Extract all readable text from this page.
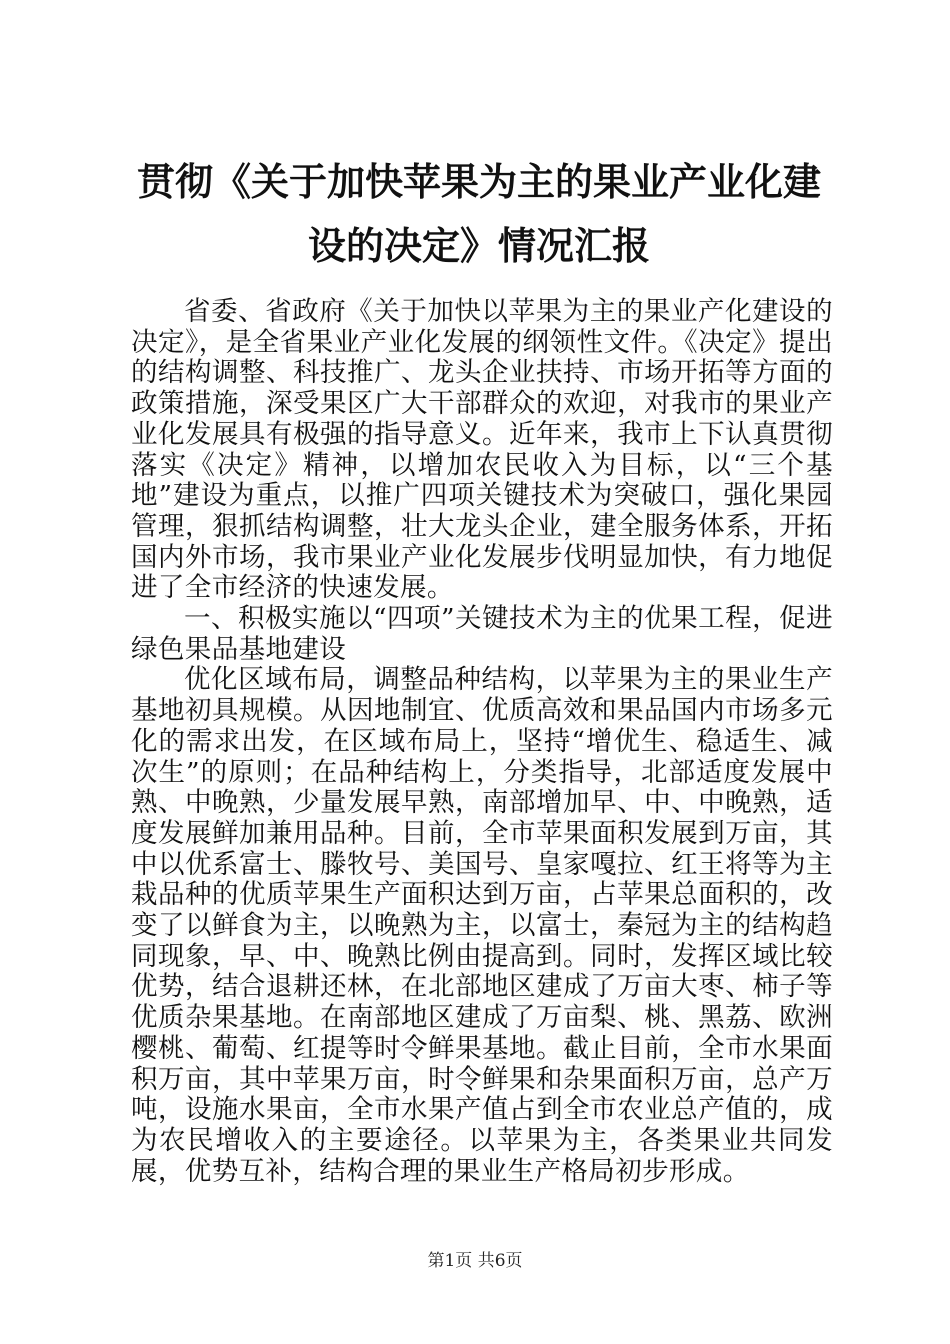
贯彻《关于加快苹果为主的果业产业化建设的决定》情况汇报

省委、省政府《关于加快以苹果为主的果业产化建设的决定》，是全省果业产业化发展的纲领性文件。《决定》提出的结构调整、科技推广、龙头企业扶持、市场开拓等方面的政策措施，深受果区广大干部群众的欢迎，对我市的果业产业化发展具有极强的指导意义。近年来，我市上下认真贯彻落实《决定》精神，以增加农民收入为目标，以“三个基地”建设为重点，以推广四项关键技术为突破口，强化果园管理，狠抓结构调整，壮大龙头企业，建全服务体系，开拓国内外市场，我市果业产业化发展步伐明显加快，有力地促进了全市经济的快速发展。

一、积极实施以“四项”关键技术为主的优果工程，促进绿色果品基地建设

优化区域布局，调整品种结构，以苹果为主的果业生产基地初具规模。从因地制宜、优质高效和果品国内市场多元化的需求出发，在区域布局上，坚持“增优生、稳适生、减次生”的原则；在品种结构上，分类指导，北部适度发展中熟、中晚熟，少量发展早熟，南部增加早、中、中晚熟，适度发展鲜加兼用品种。目前，全市苹果面积发展到万亩，其中以优系富士、滕牧号、美国号、皇家嘎拉、红王将等为主栽品种的优质苹果生产面积达到万亩，占苹果总面积的，改变了以鲜食为主，以晚熟为主，以富士，秦冠为主的结构趋同现象，早、中、晚熟比例由提高到。同时，发挥区域比较优势，结合退耕还林，在北部地区建成了万亩大枣、柿子等优质杂果基地。在南部地区建成了万亩梨、桃、黑荔、欧洲樱桃、葡萄、红提等时令鲜果基地。截止目前，全市水果面积万亩，其中苹果万亩，时令鲜果和杂果面积万亩，总产万吨，设施水果亩，全市水果产值占到全市农业总产值的，成为农民增收入的主要途径。以苹果为主，各类果业共同发展，优势互补，结构合理的果业生产格局初步形成。

第1页 共6页
